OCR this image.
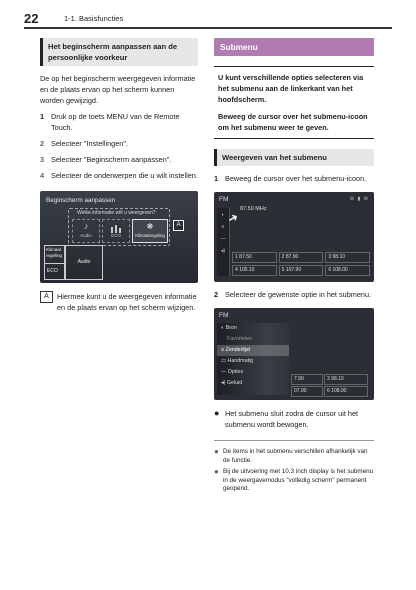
22	1-1. Basisfuncties
Het beginscherm aanpassen aan de persoonlijke voorkeur

De op het beginscherm weergegeven informatie en de plaats ervan op het scherm kunnen worden gewijzigd.

1 Druk op de toets MENU van de Remote Touch.
2 Selecteer "Instellingen".
3 Selecteer "Beginscherm aanpassen".
4 Selecteer de onderwerpen die u wilt instellen.
Beginscherm aanpassen
Welke informatie wilt u weergeven?
♪
Audio	ECO
❋
Klimaatregeling
A
Klimaat regeling
ECO
Audio
A	Hiermee kunt u de weergegeven informatie en de plaats ervan op het scherm wijzigen.
Submenu

U kunt verschillende opties selecteren via het submenu aan de linkerkant van het hoofdscherm.

Beweeg de cursor over het submenu-icoon om het submenu weer te geven.

Weergeven van het submenu
1 Beweeg de cursor over het submenu-icoon.
FM	⚙ ▮ ✉
◐
≡
—
◂)
➜
87.50 MHz
1 87.50	2 87.90	3 98.10
4 105.10	5 107.90	6 108.00
2 Selecteer de gewenste optie in het submenu.
FM
◐ Bron
Favorieten
≡ Zenderlijst
▭ Handmatig
— Opties
◂) Geluid
7.90	3 98.10
07.90	6 108.00
● Het submenu sluit zodra de cursor uit het submenu wordt bewogen.
● De items in het submenu verschillen afhankelijk van de functie.
● Bij de uitvoering met 10,3 inch display is het submenu in de weergavemodus "volledig scherm" permanent geopend.
